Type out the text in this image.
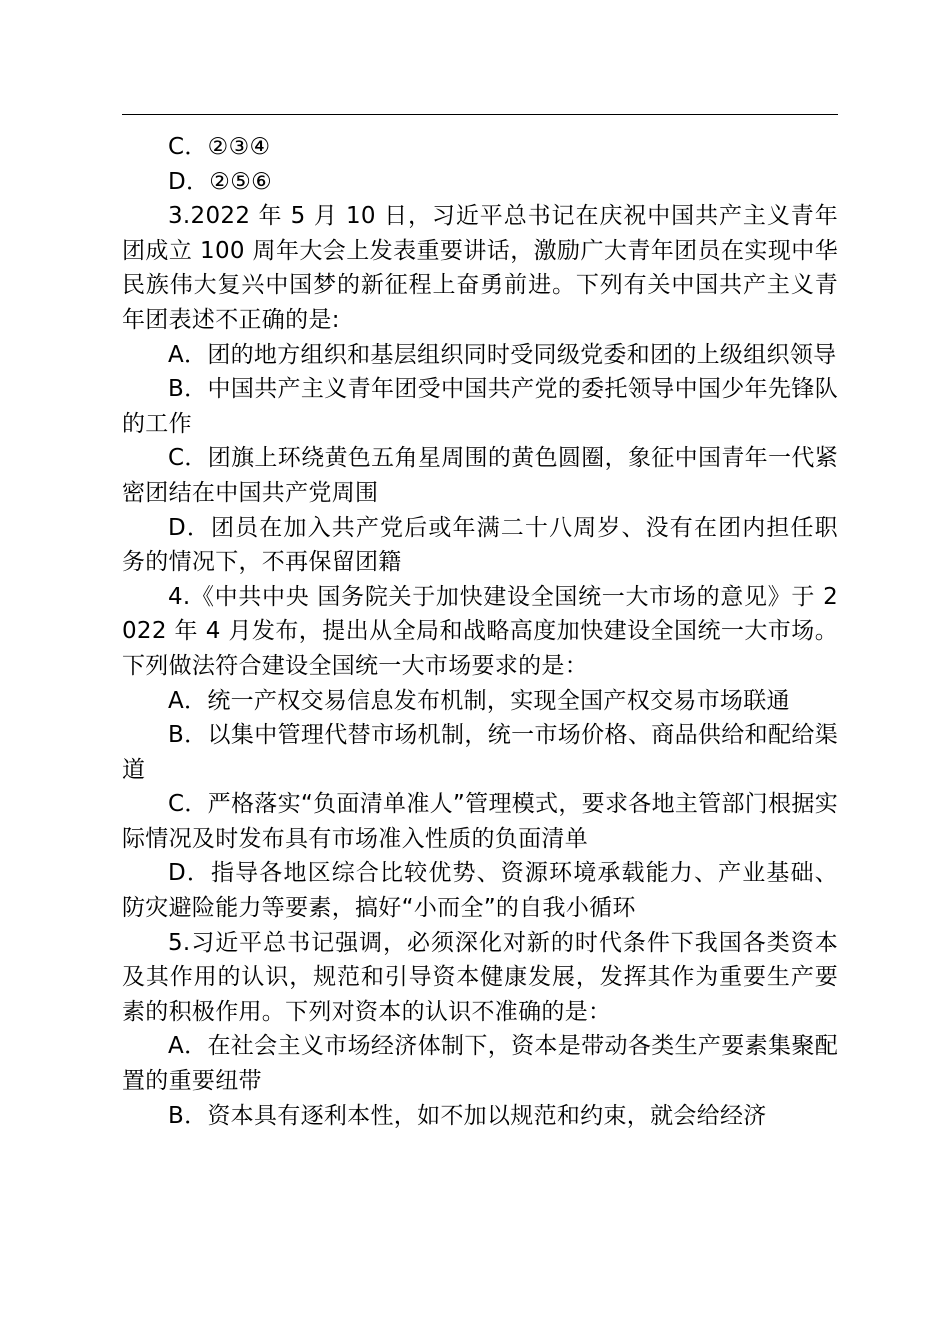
C．②③④

D．②⑤⑥

3.2022 年 5 月 10 日，习近平总书记在庆祝中国共产主义青年团成立 100 周年大会上发表重要讲话，激励广大青年团员在实现中华民族伟大复兴中国梦的新征程上奋勇前进。下列有关中国共产主义青年团表述不正确的是:

A．团的地方组织和基层组织同时受同级党委和团的上级组织领导

B．中国共产主义青年团受中国共产党的委托领导中国少年先锋队的工作

C．团旗上环绕黄色五角星周围的黄色圆圈，象征中国青年一代紧密团结在中国共产党周围

D．团员在加入共产党后或年满二十八周岁、没有在团内担任职务的情况下，不再保留团籍

4.《中共中央 国务院关于加快建设全国统一大市场的意见》于 2022 年 4 月发布，提出从全局和战略高度加快建设全国统一大市场。下列做法符合建设全国统一大市场要求的是：

A．统一产权交易信息发布机制，实现全国产权交易市场联通

B．以集中管理代替市场机制，统一市场价格、商品供给和配给渠道

C．严格落实“负面清单准人”管理模式，要求各地主管部门根据实际情况及时发布具有市场准入性质的负面清单

D．指导各地区综合比较优势、资源环境承载能力、产业基础、防灾避险能力等要素，搞好“小而全”的自我小循环

5.习近平总书记强调，必须深化对新的时代条件下我国各类资本及其作用的认识，规范和引导资本健康发展，发挥其作为重要生产要素的积极作用。下列对资本的认识不准确的是：

A．在社会主义市场经济体制下，资本是带动各类生产要素集聚配置的重要纽带

B．资本具有逐利本性，如不加以规范和约束，就会给经济
